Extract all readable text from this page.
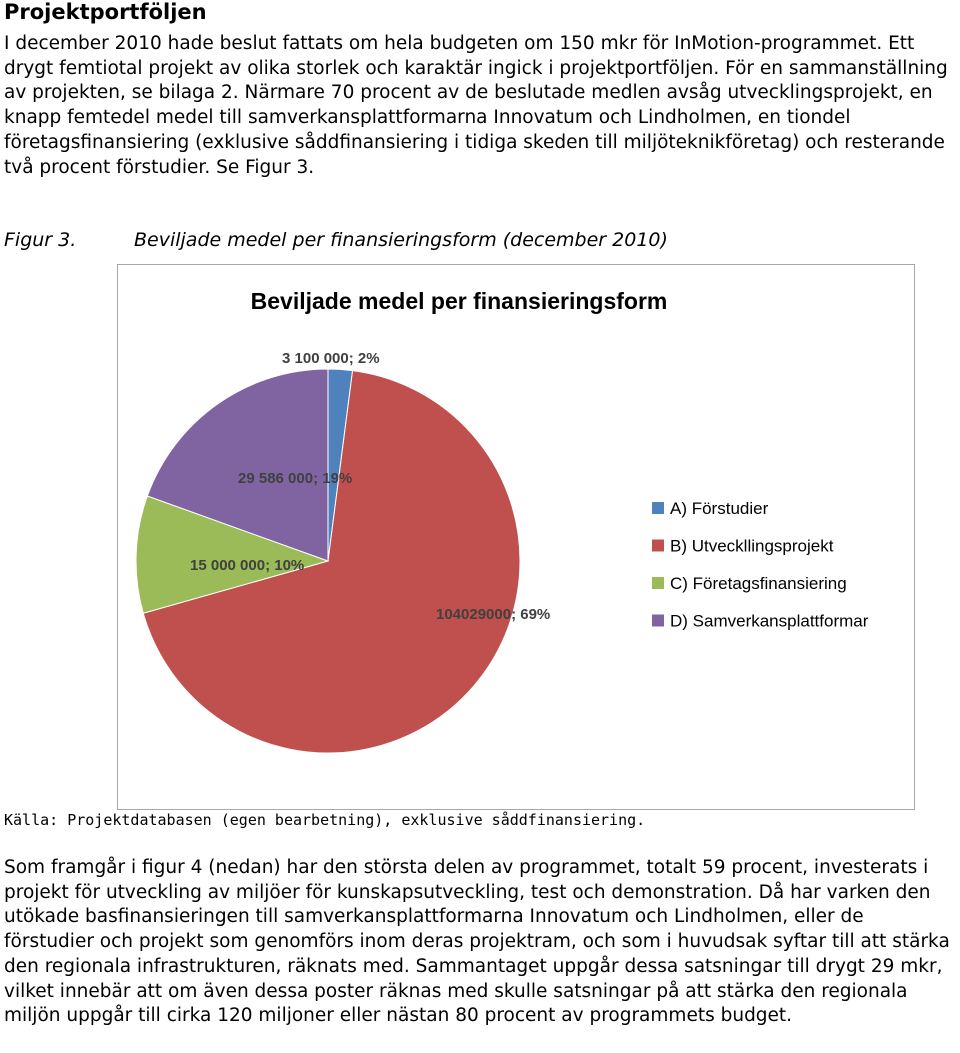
Projektportföljen

I december 2010 hade beslut fattats om hela budgeten om 150 mkr för InMotion-programmet. Ett drygt femtiotal projekt av olika storlek och karaktär ingick i projektportföljen. För en sammanställning av projekten, se bilaga 2. Närmare 70 procent av de beslutade medlen avsåg utvecklingsprojekt, en knapp femtedel medel till samverkansplattformarna Innovatum och Lindholmen, en tiondel företagsfinansiering (exklusive såddfinansiering i tidiga skeden till miljöteknikföretag) och resterande två procent förstudier. Se Figur 3.

Figur 3.	Beviljade medel per finansieringsform (december 2010)
Beviljade medel per finansieringsform
3 100 000; 2%
104029000; 69%
15 000 000; 10%
29 586 000; 19%
A) Förstudier
B) Utveckllingsprojekt
C) Företagsfinansiering
D) Samverkansplattformar
Källa: Projektdatabasen (egen bearbetning), exklusive såddfinansiering.

Som framgår i figur 4 (nedan) har den största delen av programmet, totalt 59 procent, investerats i projekt för utveckling av miljöer för kunskapsutveckling, test och demonstration. Då har varken den utökade basfinansieringen till samverkansplattformarna Innovatum och Lindholmen, eller de förstudier och projekt som genomförs inom deras projektram, och som i huvudsak syftar till att stärka den regionala infrastrukturen, räknats med. Sammantaget uppgår dessa satsningar till drygt 29 mkr, vilket innebär att om även dessa poster räknas med skulle satsningar på att stärka den regionala miljön uppgår till cirka 120 miljoner eller nästan 80 procent av programmets budget.
